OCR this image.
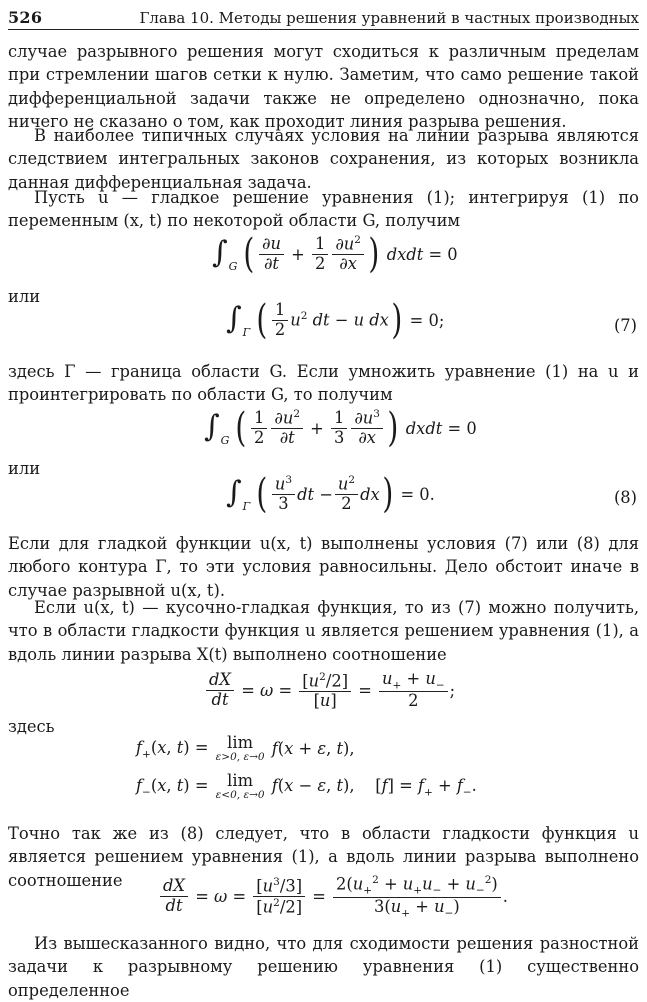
526	Глава 10. Методы решения уравнений в частных производных

случае разрывного решения могут сходиться к различным пределам при стремлении шагов сетки к нулю. Заметим, что само решение такой дифференциальной задачи также не определено однозначно, пока ничего не сказано о том, как проходит линия разрыва решения.

В наиболее типичных случаях условия на линии разрыва являются следствием интегральных законов сохранения, из которых возникла данная дифференциальная задача.

Пусть u — гладкое решение уравнения (1); интегрируя (1) по переменным (x, t) по некоторой области G, получим

∫ G ( $\frac{\partial u}{\partial t} + \frac{1}{2} \frac{\partial u^2}{\partial x}$ ) dxdt = 0
или
∫ Γ ( $\frac{1}{2} u^2$ dt − u dx ) = 0;	(7)

здесь Γ — граница области G. Если умножить уравнение (1) на u и проинтегрировать по области G, то получим

∫ G ( $\frac{1}{2} \frac{\partial u^2}{\partial t} + \frac{1}{3} \frac{\partial u^3}{\partial x}$ ) dxdt = 0
или
∫ Γ ( $\frac{u^3}{3}$ dt − $\frac{u^2}{2}$ dx ) = 0.	(8)

Если для гладкой функции u(x, t) выполнены условия (7) или (8) для любого контура Γ, то эти условия равносильны. Дело обстоит иначе в случае разрывной u(x, t).

Если u(x, t) — кусочно-гладкая функция, то из (7) можно получить, что в области гладкости функция u является решением уравнения (1), а вдоль линии разрыва X(t) выполнено соотношение

$\frac{dX}{dt} = \omega = \frac{[u^2/2]}{[u]} = \frac{u_+ + u_-}{2}$ ;
здесь
$f_+(x$, t) = lim
ε>0, ε→0 f(x + ε, t),
$f_-(x$, t) = lim
ε<0, ε→0
f(x − ε, t),    $[f] = f_+ + f_-$.

Точно так же из (8) следует, что в области гладкости функция u является решением уравнения (1), а вдоль линии разрыва выполнено соотношение	$\frac{dX}{dt} = \omega = \frac{[u^3/3]}{[u^2/2]} = \frac{2(u_+^2 + u_+u_- + u_-^2)}{3(u_+ + u_-)}$ .

Из вышесказанного видно, что для сходимости решения разностной задачи к разрывному решению уравнения (1) существенно определенное
